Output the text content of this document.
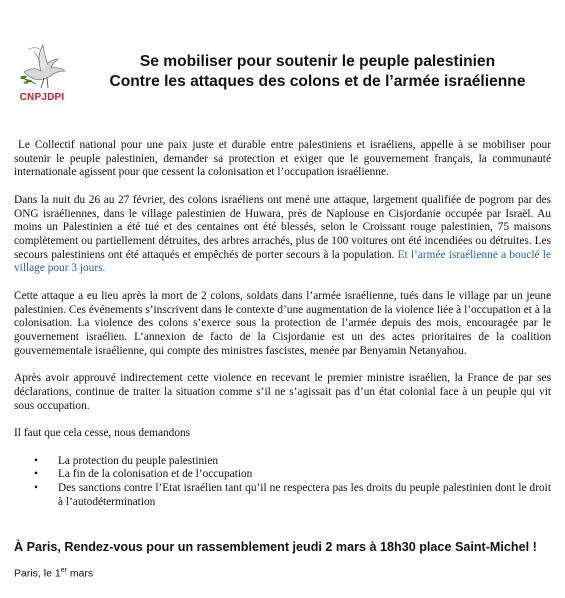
CNPJDPI
Se mobiliser pour soutenir le peuple palestinien
Contre les attaques des colons et de l’armée israélienne

Le Collectif national pour une paix juste et durable entre palestiniens et israéliens, appelle à se mobiliser pour soutenir le peuple palestinien, demander sa protection et exiger que le gouvernement français, la communauté internationale agissent pour que cessent la colonisation et l’occupation israélienne.

Dans la nuit du 26 au 27 février, des colons israéliens ont mené une attaque, largement qualifiée de pogrom par des ONG israéliennes, dans le village palestinien de Huwara, près de Naplouse en Cisjordanie occupée par Israël. Au moins un Palestinien a été tué et des centaines ont été blessés, selon le Croissant rouge palestinien, 75 maisons complètement ou partiellement détruites, des arbres arrachés, plus de 100 voitures ont été incendiées ou détruites. Les secours palestiniens ont été attaqués et empêchés de porter secours à la population. Et l’armée israélienne a bouclé le village pour 3 jours.

Cette attaque a eu lieu après la mort de 2 colons, soldats dans l’armée israélienne, tués dans le village par un jeune palestinien. Ces événements s’inscrivent dans le contexte d’une augmentation de la violence liée à l’occupation et à la colonisation. La violence des colons s’exerce sous la protection de l’armée depuis des mois, encouragée par le gouvernement israélien. L’annexion de facto de la Cisjordanie est un des actes prioritaires de la coalition gouvernementale israélienne, qui compte des ministres fascistes, menée par Benyamin Netanyahou.

Après avoir approuvé indirectement cette violence en recevant le premier ministre israélien, la France de par ses déclarations, continue de traiter la situation comme s’il ne s’agissait pas d’un état colonial face à un peuple qui vit sous occupation.

Il faut que cela cesse, nous demandons

• La protection du peuple palestinien
• La fin de la colonisation et de l’occupation
• Des sanctions contre l’Etat israélien tant qu’il ne respectera pas les droits du peuple palestinien dont le droit à l’autodétermination
À Paris, Rendez-vous pour un rassemblement jeudi 2 mars à 18h30 place Saint-Michel !
Paris, le 1er mars
